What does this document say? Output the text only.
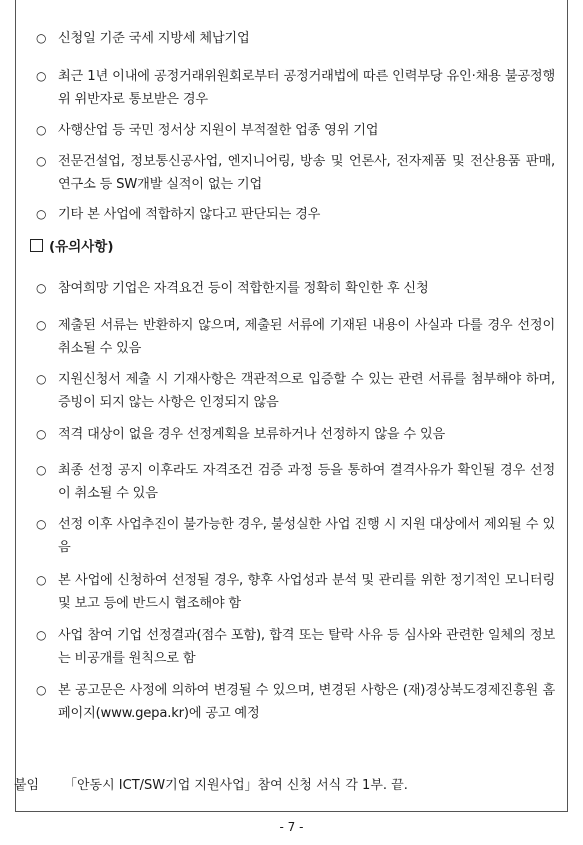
○ 신청일 기준 국세 지방세 체납기업
○ 최근 1년 이내에 공정거래위원회로부터 공정거래법에 따른 인력부당 유인·채용 불공정행위 위반자로 통보받은 경우
○ 사행산업 등 국민 정서상 지원이 부적절한 업종 영위 기업
○ 전문건설업, 정보통신공사업, 엔지니어링, 방송 및 언론사, 전자제품 및 전산용품 판매, 연구소 등 SW개발 실적이 없는 기업
○ 기타 본 사업에 적합하지 않다고 판단되는 경우
(유의사항)
○ 참여희망 기업은 자격요건 등이 적합한지를 정확히 확인한 후 신청
○ 제출된 서류는 반환하지 않으며, 제출된 서류에 기재된 내용이 사실과 다를 경우 선정이 취소될 수 있음
○ 지원신청서 제출 시 기재사항은 객관적으로 입증할 수 있는 관련 서류를 첨부해야 하며, 증빙이 되지 않는 사항은 인정되지 않음
○ 적격 대상이 없을 경우 선정계획을 보류하거나 선정하지 않을 수 있음
○ 최종 선정 공지 이후라도 자격조건 검증 과정 등을 통하여 결격사유가 확인될 경우 선정이 취소될 수 있음
○ 선정 이후 사업추진이 불가능한 경우, 불성실한 사업 진행 시 지원 대상에서 제외될 수 있음
○ 본 사업에 신청하여 선정될 경우, 향후 사업성과 분석 및 관리를 위한 정기적인 모니터링 및 보고 등에 반드시 협조해야 함
○ 사업 참여 기업 선정결과(점수 포함), 합격 또는 탈락 사유 등 심사와 관련한 일체의 정보는 비공개를 원칙으로 함
○ 본 공고문은 사정에 의하여 변경될 수 있으며, 변경된 사항은 (재)경상북도경제진흥원 홈페이지(www.gepa.kr)에 공고 예정
붙임 「안동시 ICT/SW기업 지원사업」참여 신청 서식 각 1부. 끝.
- 7 -
